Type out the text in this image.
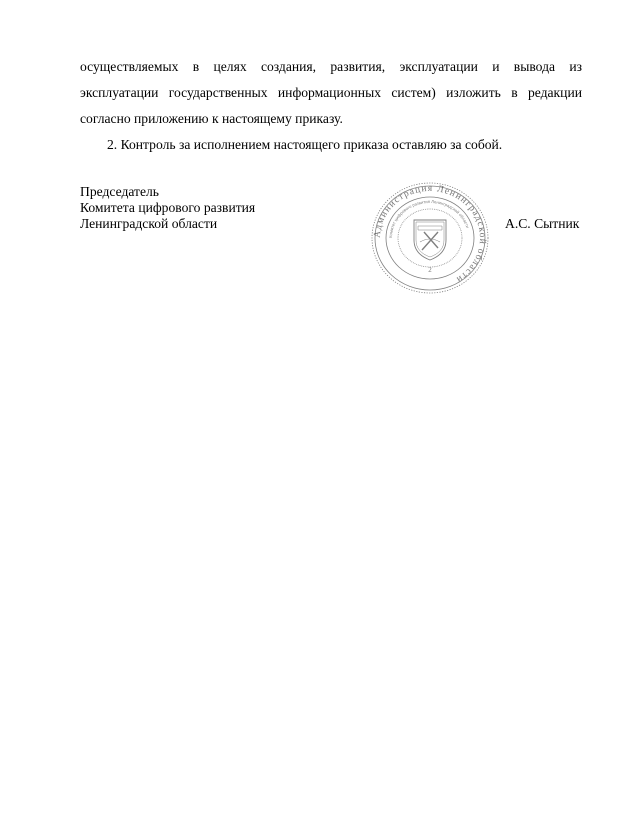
осуществляемых в целях создания, развития, эксплуатации и вывода из
эксплуатации государственных информационных систем) изложить в редакции
согласно приложению к настоящему приказу.

2. Контроль за исполнением настоящего приказа оставляю за собой.

Председатель
Комитета цифрового развития
Ленинградской области
Администрация Ленинградской области
Комитет цифрового развития Ленинградской области
2
А.С. Сытник
